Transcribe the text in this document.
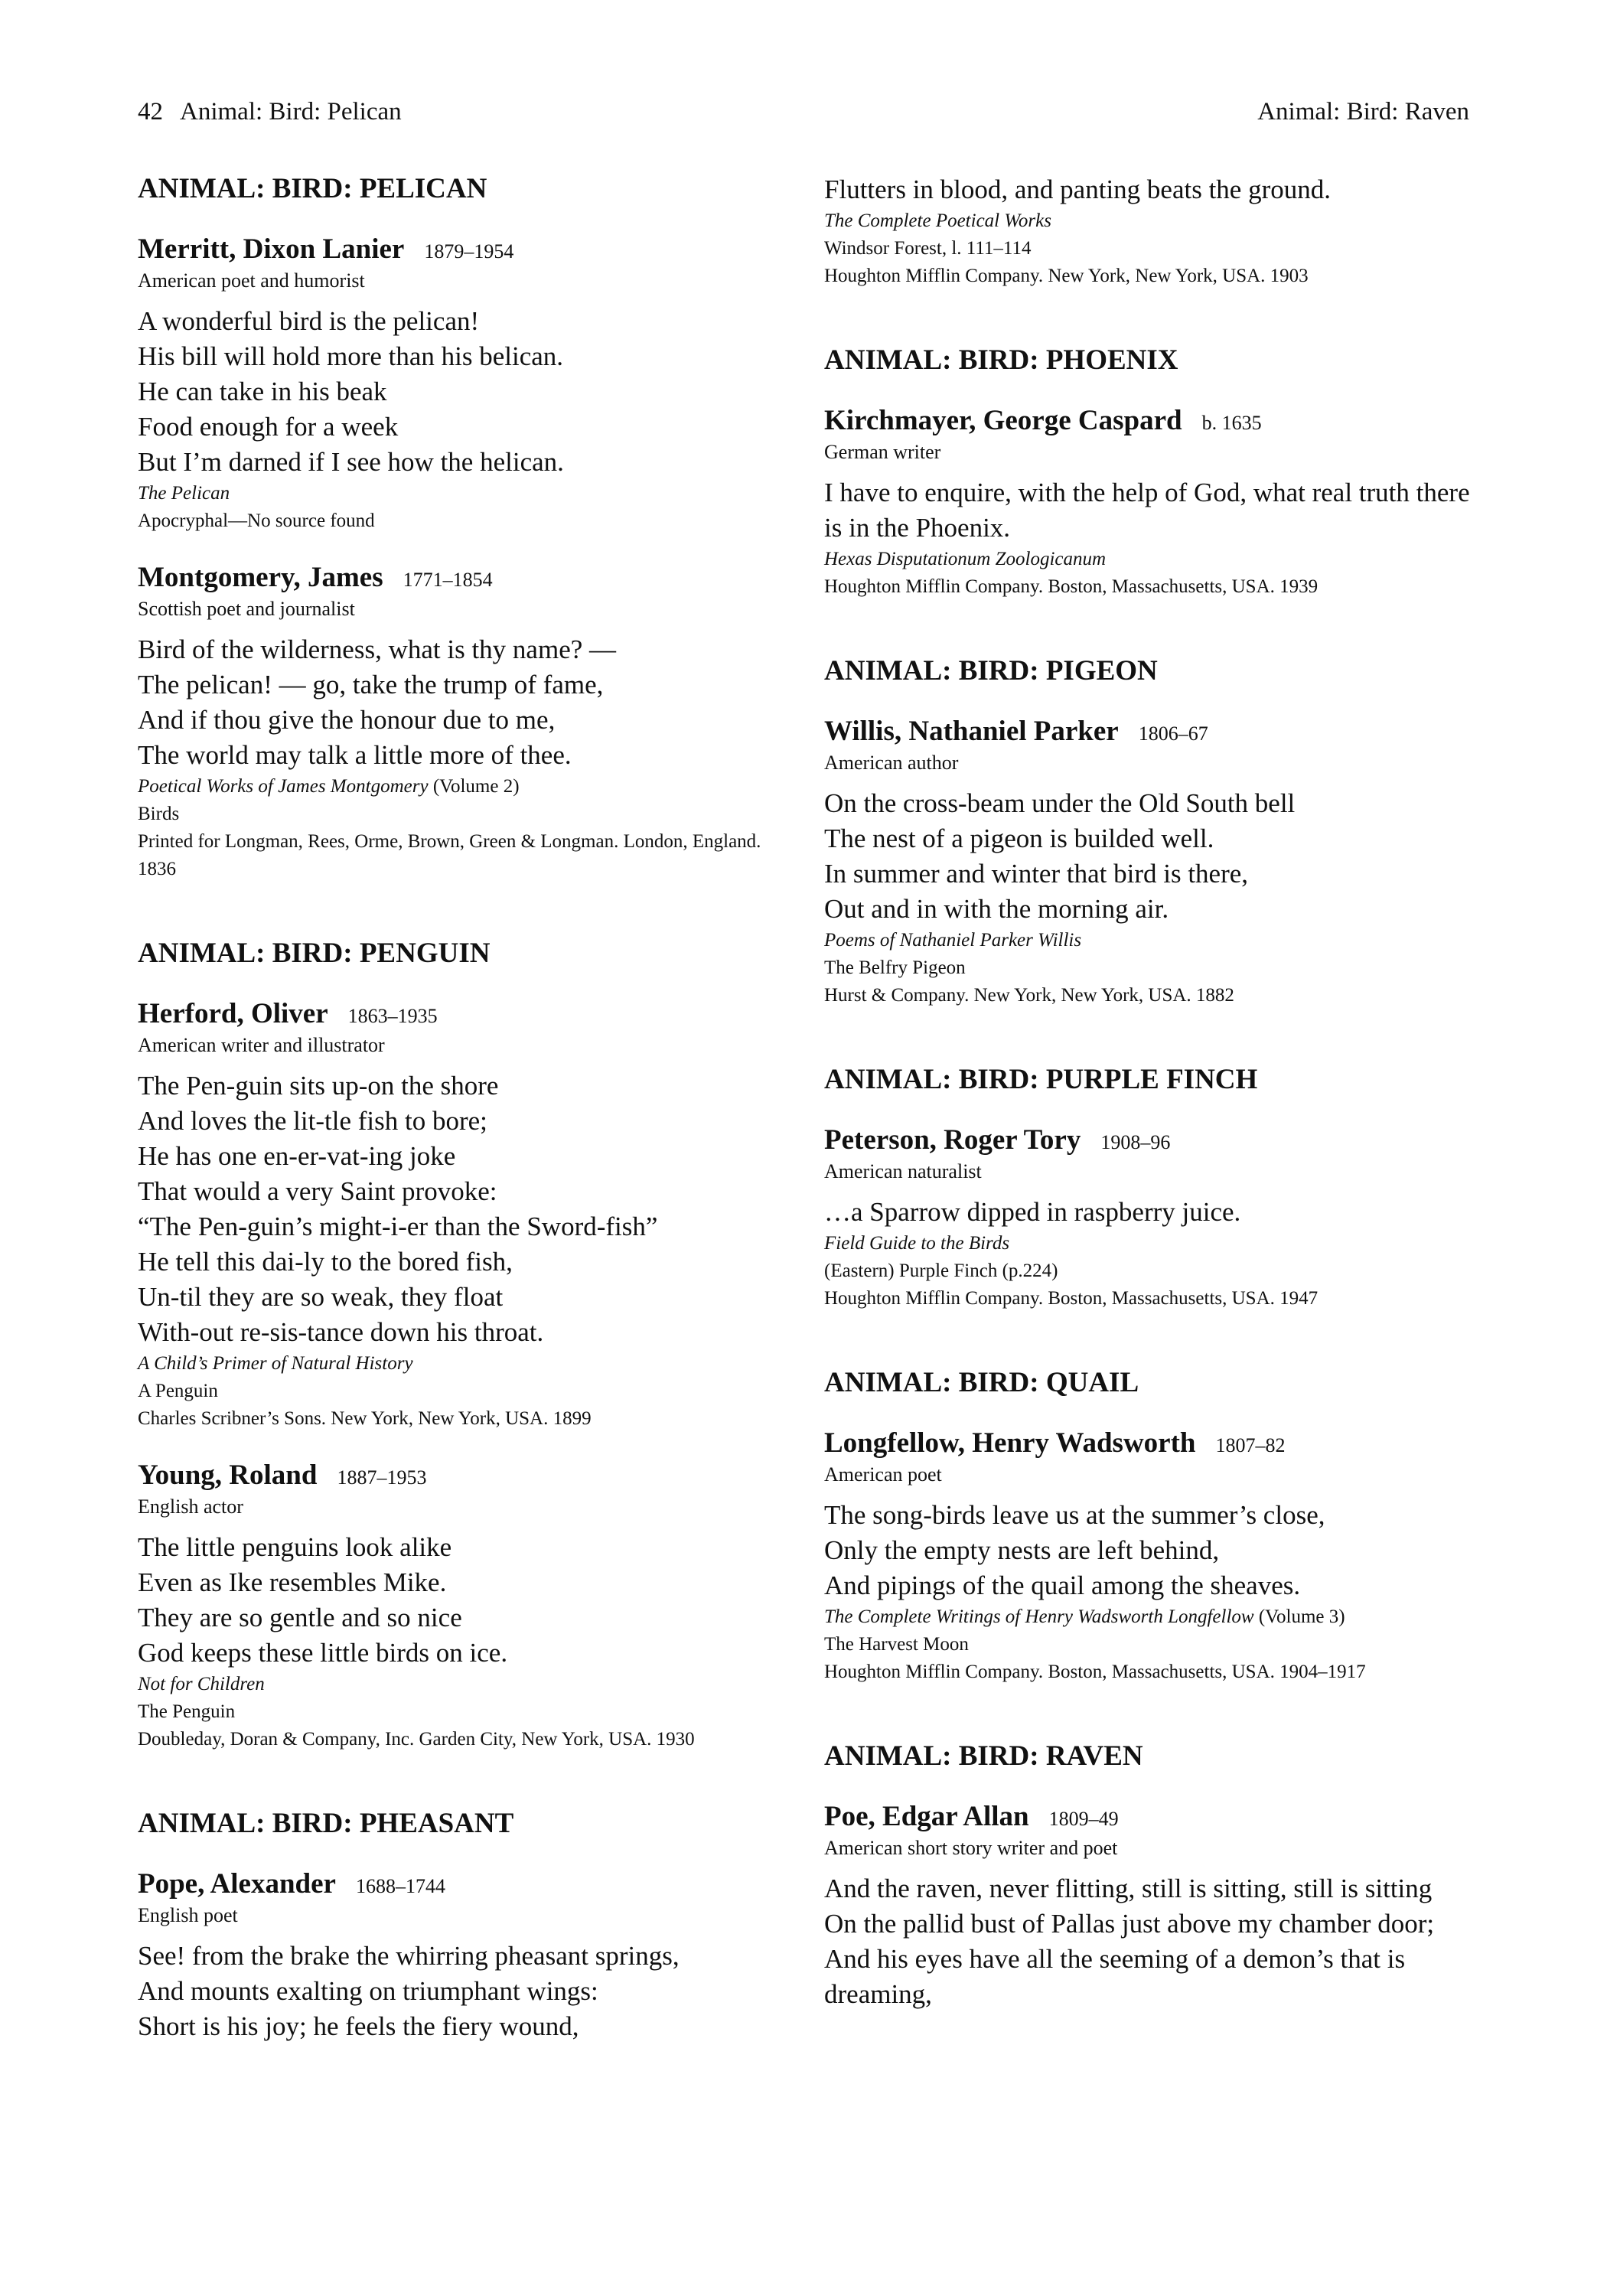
42 Animal: Bird: Pelican	Animal: Bird: Raven
ANIMAL: BIRD: PELICAN
Merritt, Dixon Lanier 1879–1954
American poet and humorist
A wonderful bird is the pelican!
His bill will hold more than his belican.
He can take in his beak
Food enough for a week
But I’m darned if I see how the helican.
The Pelican
Apocryphal—No source found
Montgomery, James 1771–1854
Scottish poet and journalist
Bird of the wilderness, what is thy name? —
The pelican! — go, take the trump of fame,
And if thou give the honour due to me,
The world may talk a little more of thee.
Poetical Works of James Montgomery (Volume 2)
Birds
Printed for Longman, Rees, Orme, Brown, Green & Longman. London, England. 1836
ANIMAL: BIRD: PENGUIN
Herford, Oliver 1863–1935
American writer and illustrator
The Pen-guin sits up-on the shore
And loves the lit-tle fish to bore;
He has one en-er-vat-ing joke
That would a very Saint provoke:
“The Pen-guin’s might-i-er than the Sword-fish”
He tell this dai-ly to the bored fish,
Un-til they are so weak, they float
With-out re-sis-tance down his throat.
A Child’s Primer of Natural History
A Penguin
Charles Scribner’s Sons. New York, New York, USA. 1899
Young, Roland 1887–1953
English actor
The little penguins look alike
Even as Ike resembles Mike.
They are so gentle and so nice
God keeps these little birds on ice.
Not for Children
The Penguin
Doubleday, Doran & Company, Inc. Garden City, New York, USA. 1930
ANIMAL: BIRD: PHEASANT
Pope, Alexander 1688–1744
English poet
See! from the brake the whirring pheasant springs,
And mounts exalting on triumphant wings:
Short is his joy; he feels the fiery wound,
Flutters in blood, and panting beats the ground.
The Complete Poetical Works
Windsor Forest, l. 111–114
Houghton Mifflin Company. New York, New York, USA. 1903
ANIMAL: BIRD: PHOENIX
Kirchmayer, George Caspard b. 1635
German writer
I have to enquire, with the help of God, what real truth there is in the Phoenix.
Hexas Disputationum Zoologicanum
Houghton Mifflin Company. Boston, Massachusetts, USA. 1939
ANIMAL: BIRD: PIGEON
Willis, Nathaniel Parker 1806–67
American author
On the cross-beam under the Old South bell
The nest of a pigeon is builded well.
In summer and winter that bird is there,
Out and in with the morning air.
Poems of Nathaniel Parker Willis
The Belfry Pigeon
Hurst & Company. New York, New York, USA. 1882
ANIMAL: BIRD: PURPLE FINCH
Peterson, Roger Tory 1908–96
American naturalist
…a Sparrow dipped in raspberry juice.
Field Guide to the Birds
(Eastern) Purple Finch (p.224)
Houghton Mifflin Company. Boston, Massachusetts, USA. 1947
ANIMAL: BIRD: QUAIL
Longfellow, Henry Wadsworth 1807–82
American poet
The song-birds leave us at the summer’s close,
Only the empty nests are left behind,
And pipings of the quail among the sheaves.
The Complete Writings of Henry Wadsworth Longfellow (Volume 3)
The Harvest Moon
Houghton Mifflin Company. Boston, Massachusetts, USA. 1904–1917
ANIMAL: BIRD: RAVEN
Poe, Edgar Allan 1809–49
American short story writer and poet
And the raven, never flitting, still is sitting, still is sitting
On the pallid bust of Pallas just above my chamber door;
And his eyes have all the seeming of a demon’s that is dreaming,
